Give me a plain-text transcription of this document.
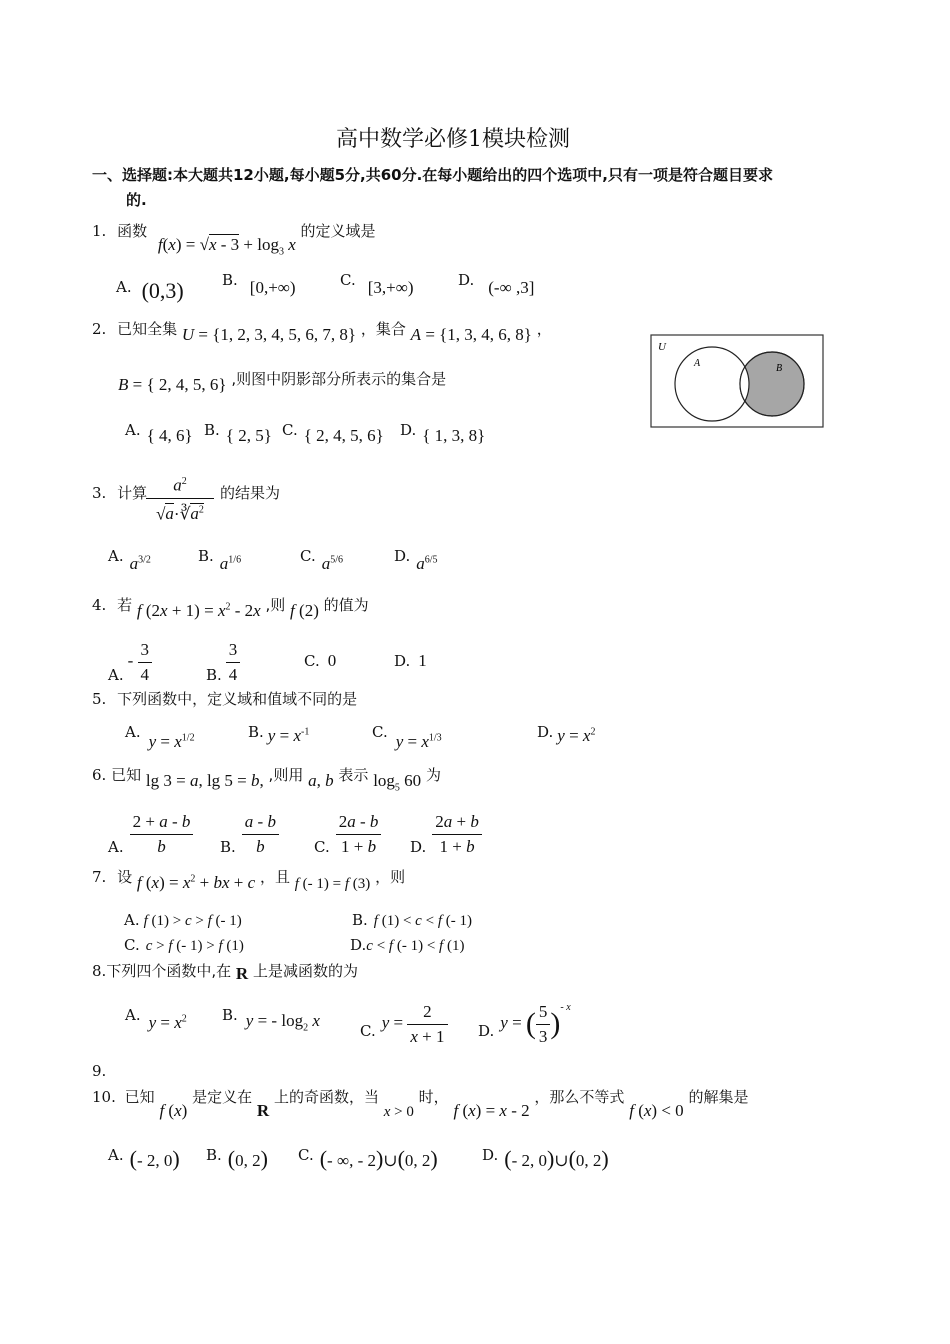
高中数学必修1模块检测
一、选择题:本大题共12小题,每小题5分,共60分.在每小题给出的四个选项中,只有一项是符合题目要求
的.
1. 函数 $f(x) = √x - 3 + \log_3 x$ 的定义域是
A. (0,3)	B. [0,+∞)	C. [3,+∞)	D. (-∞ ,3]
2. 已知全集 U = {1, 2, 3, 4, 5, 6, 7, 8} ，集合 A = {1, 3, 4, 6, 8} ，
B = { 2, 4, 5, 6} ,则图中阴影部分所表示的集合是
A. { 4, 6} B. { 2, 5} C. { 2, 4, 5, 6} D. { 1, 3, 8}
U
A	B
3. 计算
$\frac{a^2}{√a\cdot∛a^2}$ 的结果为
A. $a^{3/2}$	B. $a^{1/6}$	C. $a^{5/6}$	D. $a^{6/5}$
4. 若 f $(2x + 1) = x^2 - 2x$ ,则 f (2) 的值为
$A.- \frac{3}{4}$	B. $\frac{3}{4}$	C. 0	D. 1
5. 下列函数中，定义域和值域不同的是
A. $y = x^{1/2}$	B. $y = x^{-1}$	C. $y = x^{1/3}$	D. $y = x^2$
6. 已知 lg 3 = a, lg 5 = b, ,则用 a, b 表示 $\log_5 60$ 为
A. $\frac{2 + a - b}{b} B$. $\frac{a - b}{b} C$. $\frac{2a - b}{1 + b} D$. $\frac{2a + b}{1 + b}$
7. 设 f $(x) = x^2$ + bx + c ，且 f (- 1) = f (3) ，则
A. f (1) > c > f (- 1)	B. f (1) < c < f (- 1)
C. c > f (- 1) > f (1)	D.c < f (- 1) < f (1)
8.下列四个函数中,在 R 上是减函数的为
A. $y = x^2$ B. y = - $\log_2 x$
C. $y = \frac{2}{x + 1} D$. y = ( $\frac{5}{3} )^{- x}$
9.
10. 已知 f (x) 是定义在 R 上的奇函数，当 x > 0 时， f (x) = x - 2 ，那么不等式 f (x) < 0 的解集是
A. (- 2, 0) B. (0, 2) C. (- ∞, - 2)∪(0, 2)	D. (- 2, 0)∪(0, 2)
